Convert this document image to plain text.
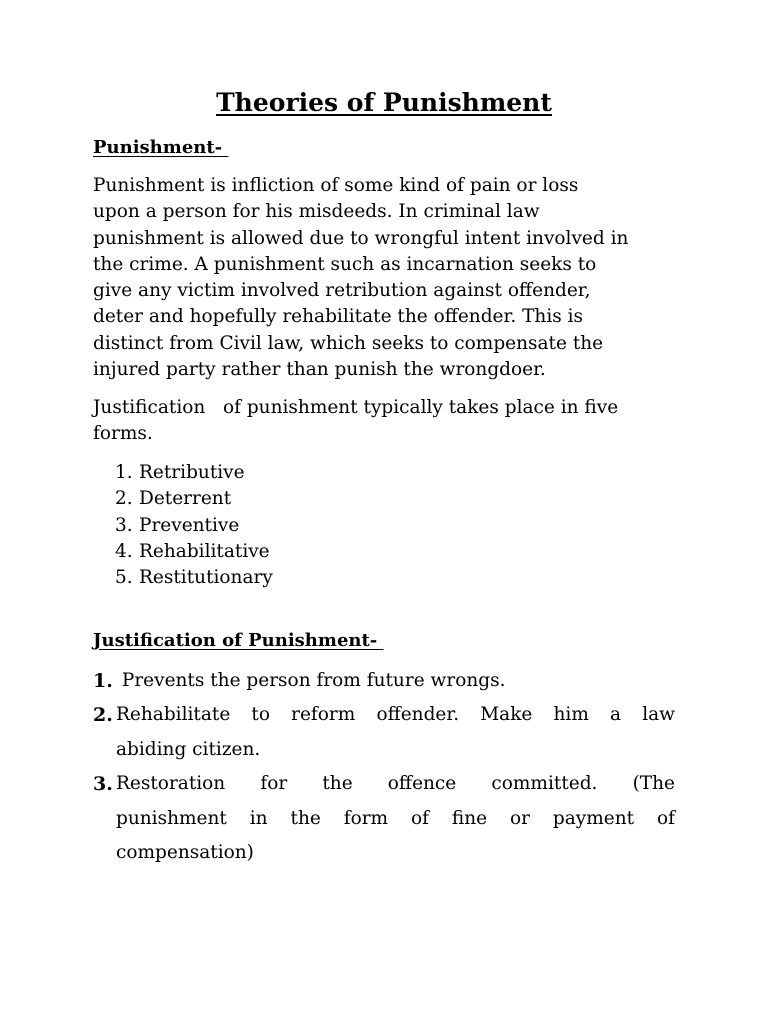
Theories of Punishment
Punishment-

Punishment is infliction of some kind of pain or loss
upon a person for his misdeeds. In criminal law
punishment is allowed due to wrongful intent involved in
the crime. A punishment such as incarnation seeks to
give any victim involved retribution against offender,
deter and hopefully rehabilitate the offender. This is
distinct from Civil law, which seeks to compensate the
injured party rather than punish the wrongdoer.

Justification   of punishment typically takes place in five
forms.

1. Retributive
2. Deterrent
3. Preventive
4. Rehabilitative
5. Restitutionary
Justification of Punishment-
1. Prevents the person from future wrongs.
2. Rehabilitate to reform offender. Make him a law
abiding citizen.
3. Restoration for the offence committed. (The
punishment in the form of fine or payment of
compensation)
